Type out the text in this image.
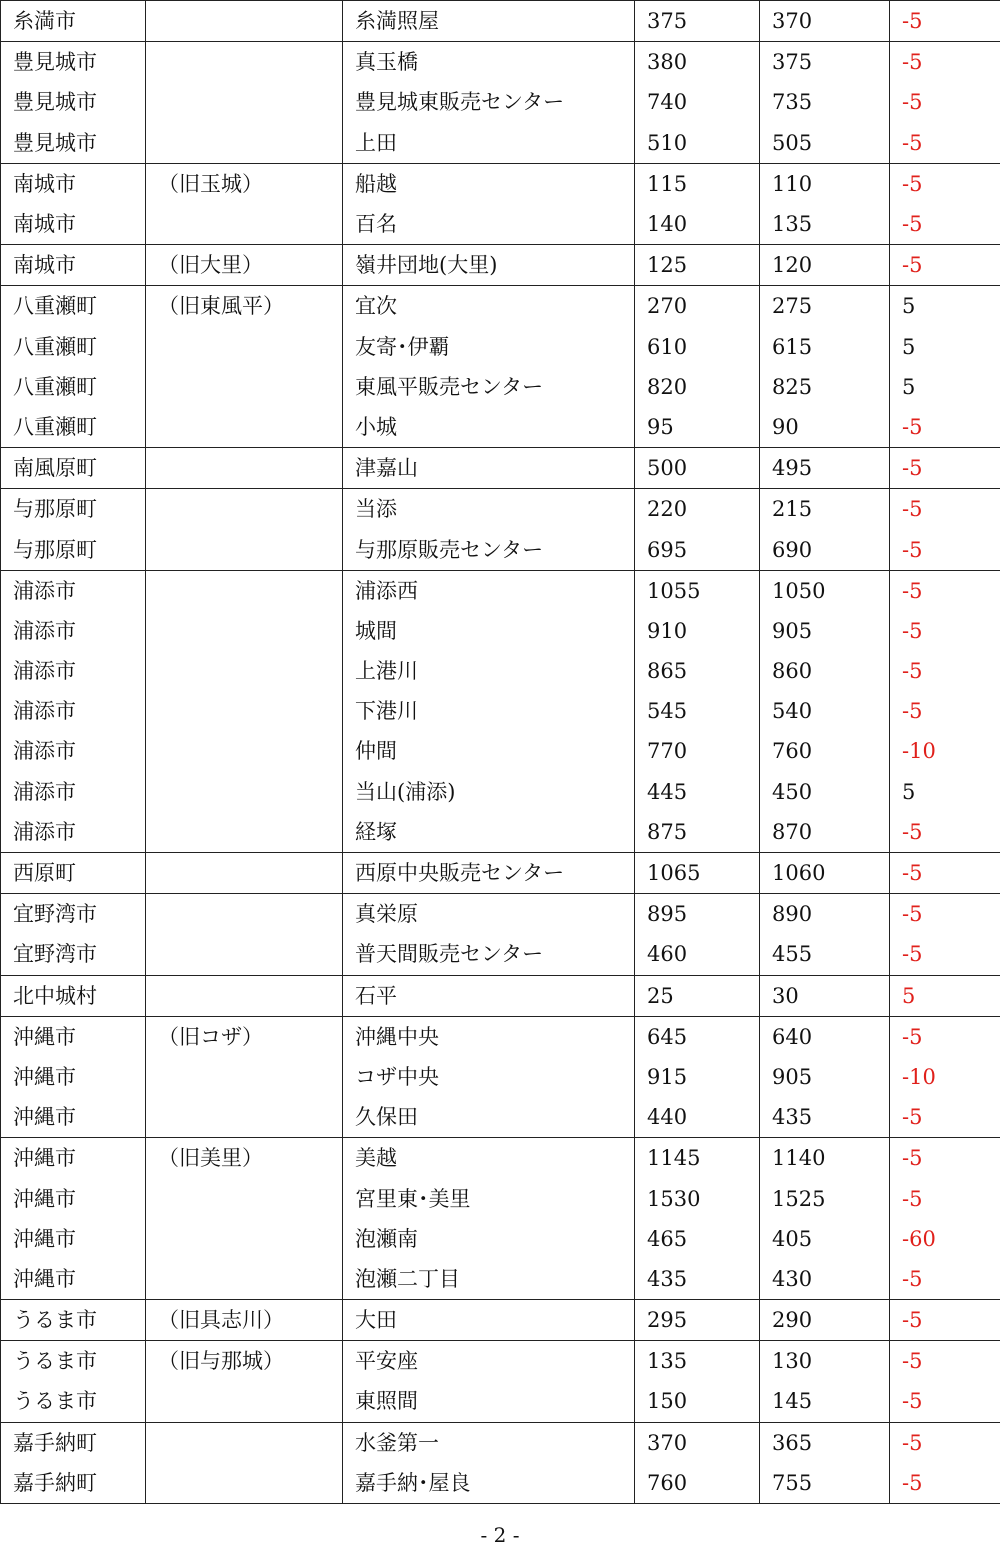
糸満市		糸満照屋	375	370	-5
豊見城市		真玉橋	380	375	-5
豊見城市		豊見城東販売センター	740	735	-5
豊見城市		上田	510	505	-5
南城市	（旧玉城）	船越	115	110	-5
南城市		百名	140	135	-5
南城市	（旧大里）	嶺井団地(大里)	125	120	-5
八重瀬町	（旧東風平）	宜次	270	275	5
八重瀬町		友寄･伊覇	610	615	5
八重瀬町		東風平販売センター	820	825	5
八重瀬町		小城	95	90	-5
南風原町		津嘉山	500	495	-5
与那原町		当添	220	215	-5
与那原町		与那原販売センター	695	690	-5
浦添市		浦添西	1055	1050	-5
浦添市		城間	910	905	-5
浦添市		上港川	865	860	-5
浦添市		下港川	545	540	-5
浦添市		仲間	770	760	-10
浦添市		当山(浦添)	445	450	5
浦添市		経塚	875	870	-5
西原町		西原中央販売センター	1065	1060	-5
宜野湾市		真栄原	895	890	-5
宜野湾市		普天間販売センター	460	455	-5
北中城村		石平	25	30	5
沖縄市	（旧コザ）	沖縄中央	645	640	-5
沖縄市		コザ中央	915	905	-10
沖縄市		久保田	440	435	-5
沖縄市	（旧美里）	美越	1145	1140	-5
沖縄市		宮里東･美里	1530	1525	-5
沖縄市		泡瀬南	465	405	-60
沖縄市		泡瀬二丁目	435	430	-5
うるま市	（旧具志川）	大田	295	290	-5
うるま市	（旧与那城）	平安座	135	130	-5
うるま市		東照間	150	145	-5
嘉手納町		水釜第一	370	365	-5
嘉手納町		嘉手納･屋良	760	755	-5
- 2 -
